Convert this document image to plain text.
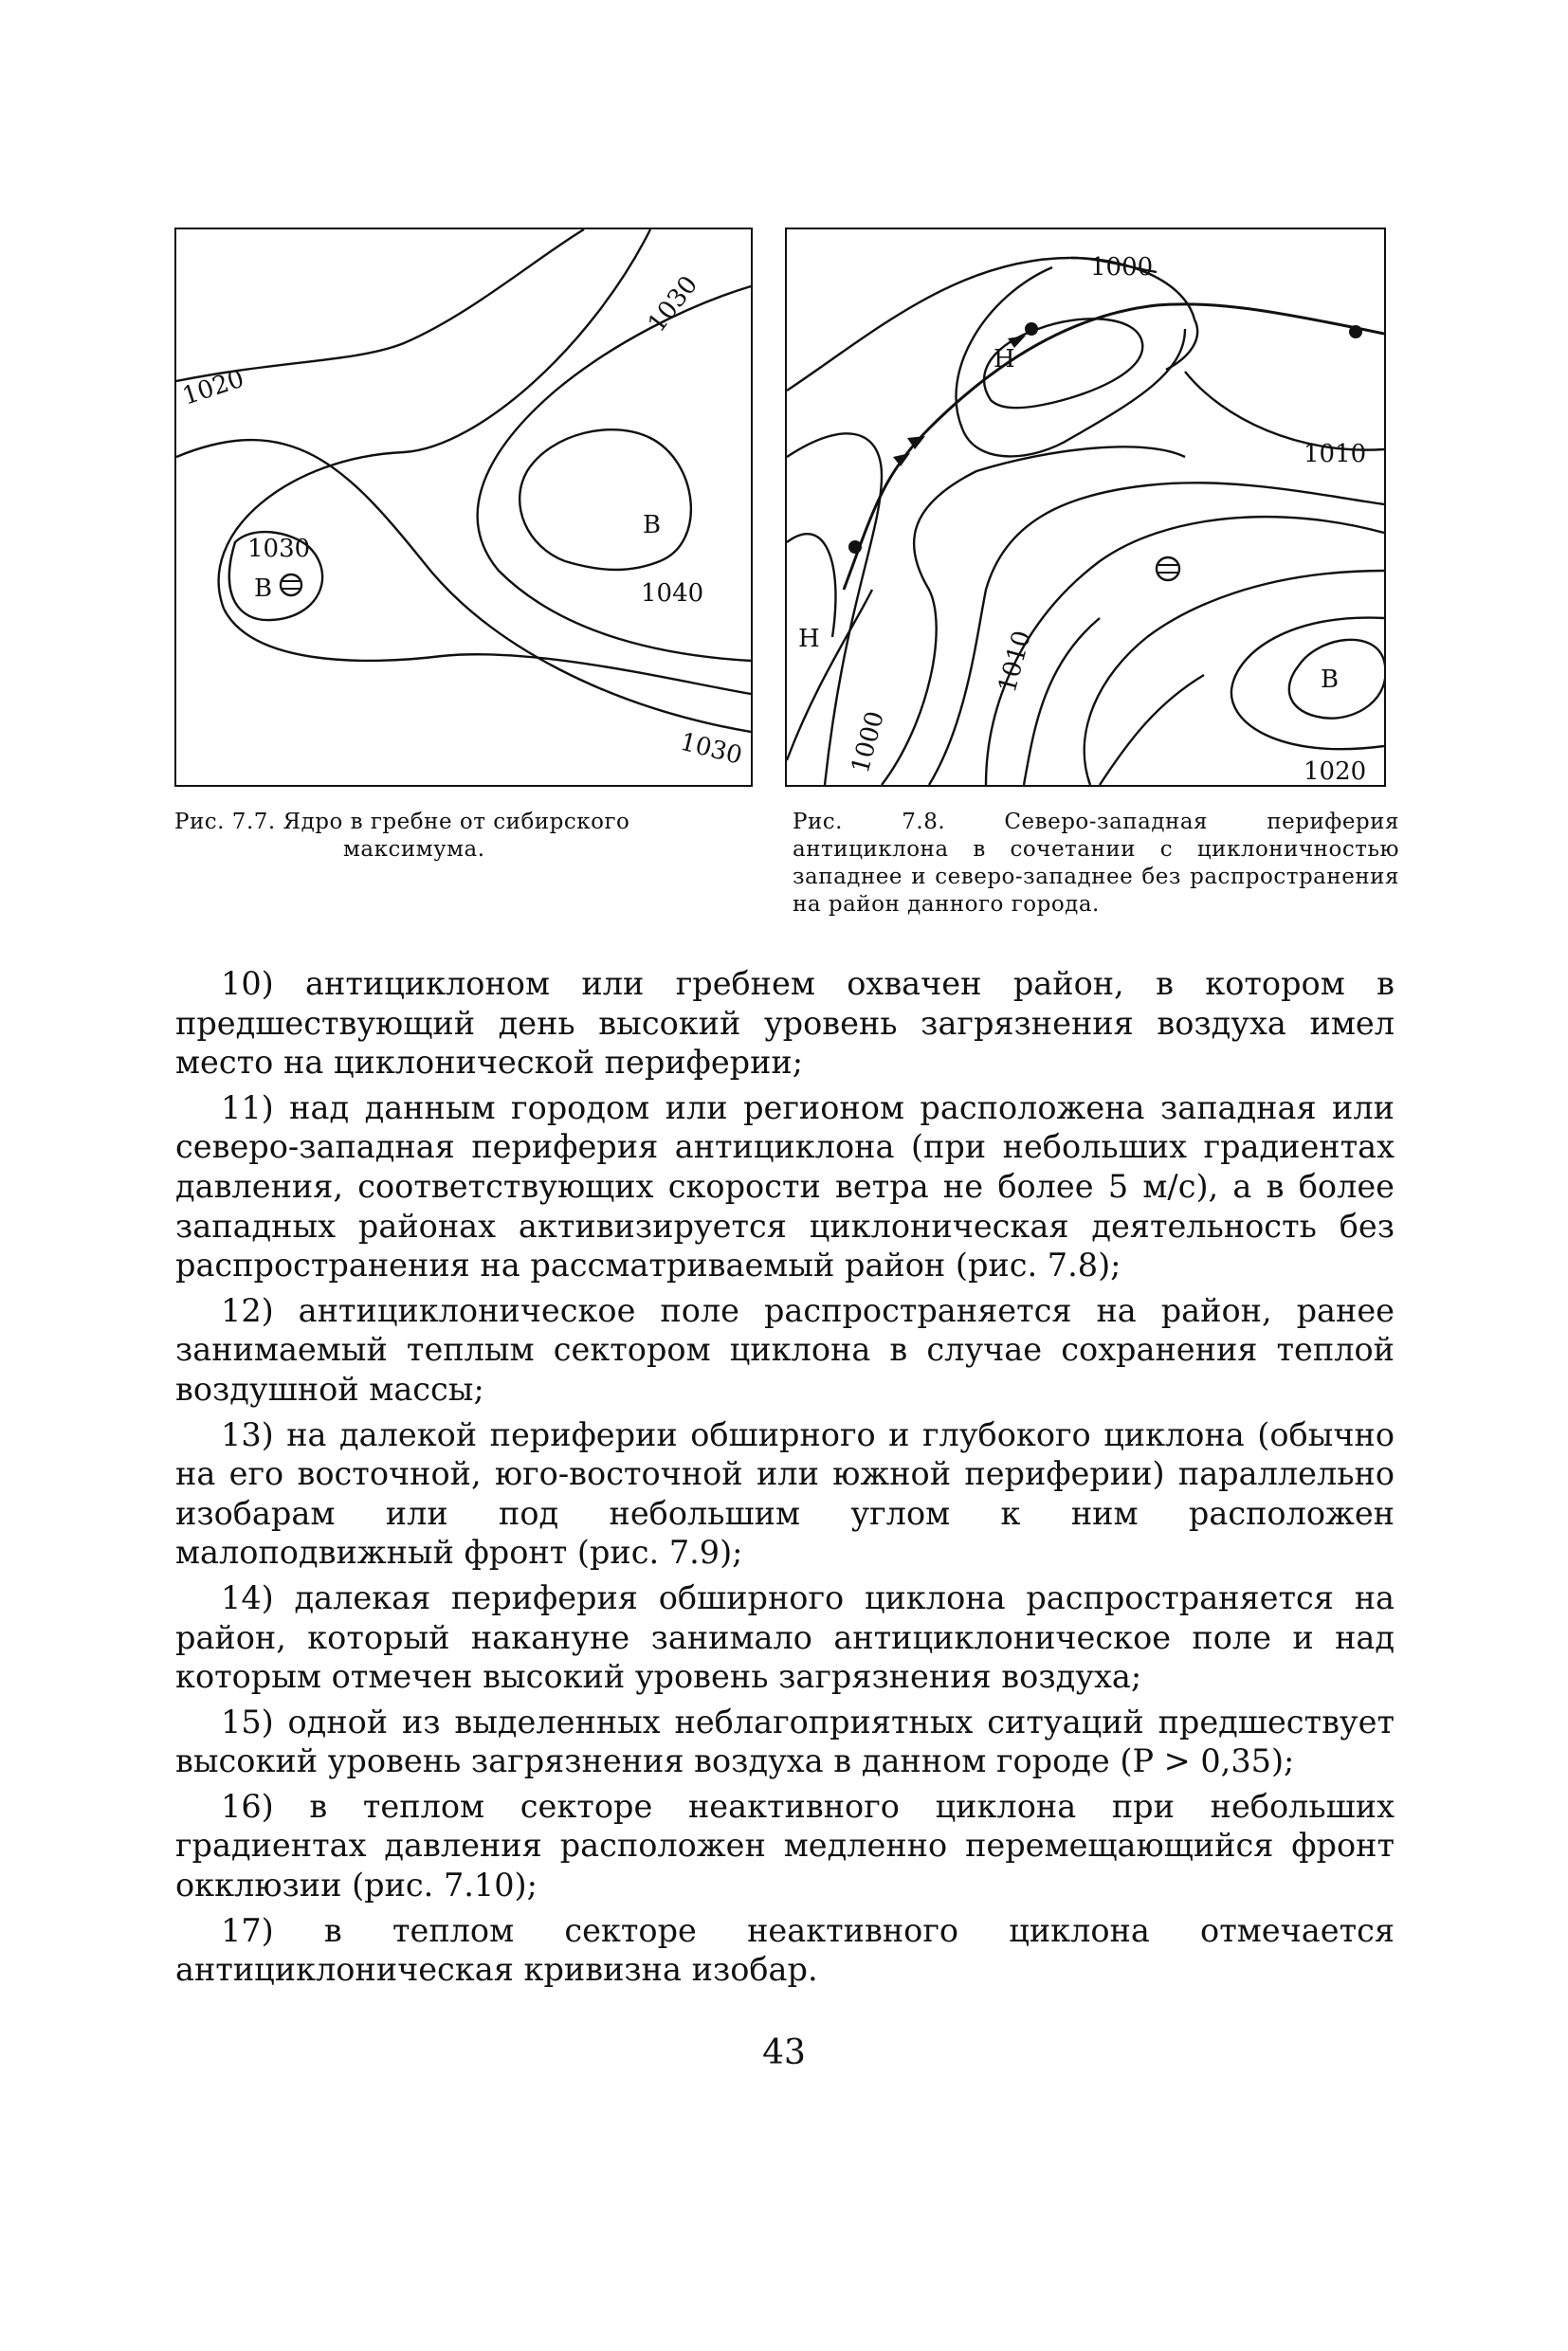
1020
1030
1030
В
В
1040
1030
1000
Н
1010
В
Н	1010
1000	1020
Рис. 7.7. Ядро в гребне от сибирского
максимума.
Рис. 7.8. Северо-западная периферия антициклона в сочетании с циклоничностью западнее и северо-западнее без распространения на район данного города.

10) антициклоном или гребнем охвачен район, в котором в предшествующий день высокий уровень загрязнения воздуха имел место на циклонической периферии;

11) над данным городом или регионом расположена западная или северо-западная периферия антициклона (при небольших градиентах давления, соответствующих скорости ветра не более 5 м/с), а в более западных районах активизируется циклоническая деятельность без распространения на рассматриваемый район (рис. 7.8);

12) антициклоническое поле распространяется на район, ранее занимаемый теплым сектором циклона в случае сохранения теплой воздушной массы;

13) на далекой периферии обширного и глубокого циклона (обычно на его восточной, юго-восточной или южной периферии) параллельно изобарам или под небольшим углом к ним расположен малоподвижный фронт (рис. 7.9);

14) далекая периферия обширного циклона распространяется на район, который накануне занимало антициклоническое поле и над которым отмечен высокий уровень загрязнения воздуха;

15) одной из выделенных неблагоприятных ситуаций предшествует высокий уровень загрязнения воздуха в данном городе (P > 0,35);

16) в теплом секторе неактивного циклона при небольших градиентах давления расположен медленно перемещающийся фронт окклюзии (рис. 7.10);

17) в теплом секторе неактивного циклона отмечается антициклоническая кривизна изобар.

43
